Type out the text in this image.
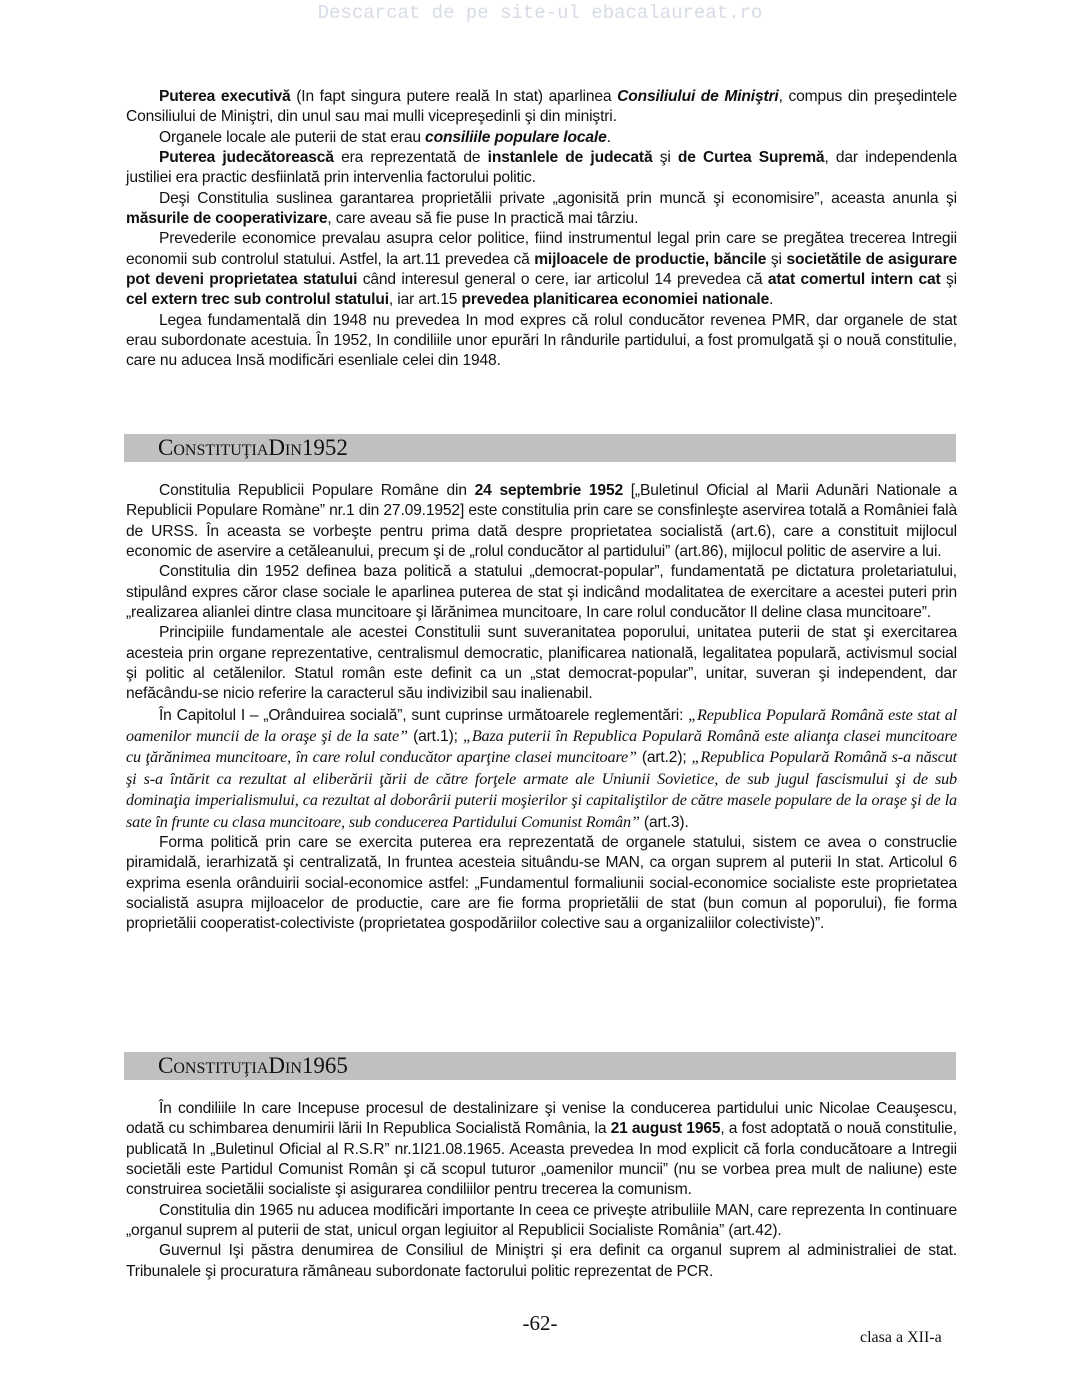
Descarcat de pe site-ul ebacalaureat.ro

Puterea executivă (In fapt singura putere reală In stat) aparlinea Consiliului de Miniştri, compus din preşedintele Consiliului de Miniştri, din unul sau mai mulli vicepreşedinli şi din miniştri.

Organele locale ale puterii de stat erau consiliile populare locale.

Puterea judecătorească era reprezentată de instanlele de judecată şi de Curtea Supremă, dar independenla justiliei era practic desfiinlată prin intervenlia factorului politic.

Deşi Constitulia suslinea garantarea proprietălii private „agonisită prin muncă şi economisire”, aceasta anunla şi măsurile de cooperativizare, care aveau să fie puse In practică mai târziu.

Prevederile economice prevalau asupra celor politice, fiind instrumentul legal prin care se pregătea trecerea Intregii economii sub controlul statului. Astfel, la art.11 prevedea că mijloacele de productie, băncile şi societătile de asigurare pot deveni proprietatea statului când interesul general o cere, iar articolul 14 prevedea că atat comertul intern cat şi cel extern trec sub controlul statului, iar art.15 prevedea planiticarea economiei nationale.

Legea fundamentală din 1948 nu prevedea In mod expres că rolul conducător revenea PMR, dar organele de stat erau subordonate acestuia. În 1952, In condiliile unor epurări In rândurile partidului, a fost promulgată şi o nouă constitulie, care nu aducea Insă modificări esenliale celei din 1948.

ConstituţiaDin1952

Constitulia Republicii Populare Române din 24 septembrie 1952 [„Buletinul Oficial al Marii Adunări Nationale a Republicii Populare Romàne” nr.1 din 27.09.1952] este constitulia prin care se consfinleşte aservirea totală a României falà de URSS. În aceasta se vorbeşte pentru prima dată despre proprietatea socialistă (art.6), care a constituit mijlocul economic de aservire a cetăleanului, precum şi de „rolul conducător al partidului” (art.86), mijlocul politic de aservire a lui.

Constitulia din 1952 definea baza politică a statului „democrat-popular”, fundamentată pe dictatura proletariatului, stipulând expres căror clase sociale le aparlinea puterea de stat şi indicând modalitatea de exercitare a acestei puteri prin „realizarea alianlei dintre clasa muncitoare şi lărănimea muncitoare, In care rolul conducător Il deline clasa muncitoare”.

Principiile fundamentale ale acestei Constitulii sunt suveranitatea poporului, unitatea puterii de stat şi exercitarea acesteia prin organe reprezentative, centralismul democratic, planificarea natională, legalitatea populară, activismul social şi politic al cetălenilor. Statul român este definit ca un „stat democrat-popular”, unitar, suveran şi independent, dar nefăcându-se nicio referire la caracterul său indivizibil sau inalienabil.

În Capitolul I – „Orânduirea socială”, sunt cuprinse următoarele reglementări: „Republica Populară Română este stat al oamenilor muncii de la oraşe şi de la sate” (art.1); „Baza puterii în Republica Populară Română este alianţa clasei muncitoare cu ţărănimea muncitoare, în care rolul conducător aparţine clasei muncitoare” (art.2); „Republica Populară Română s-a născut şi s-a întărit ca rezultat al eliberării ţării de către forţele armate ale Uniunii Sovietice, de sub jugul fascismului şi de sub dominaţia imperialismului, ca rezultat al doborârii puterii moşierilor şi capitaliştilor de către masele populare de la oraşe şi de la sate în frunte cu clasa muncitoare, sub conducerea Partidului Comunist Român” (art.3).

Forma politică prin care se exercita puterea era reprezentată de organele statului, sistem ce avea o construclie piramidală, ierarhizată şi centralizată, In fruntea acesteia situându-se MAN, ca organ suprem al puterii In stat. Articolul 6 exprima esenla orânduirii social-economice astfel: „Fundamentul formaliunii social-economice socialiste este proprietatea socialistă asupra mijloacelor de productie, care are fie forma proprietălii de stat (bun comun al poporului), fie forma proprietălii cooperatist-colectiviste (proprietatea gospodăriilor colective sau a organizaliilor colectiviste)”.

ConstituţiaDin1965

În condiliile In care Incepuse procesul de destalinizare şi venise la conducerea partidului unic Nicolae Ceauşescu, odată cu schimbarea denumirii lării In Republica Socialistă România, la 21 august 1965, a fost adoptată o nouă constitulie, publicată In „Buletinul Oficial al R.S.R” nr.1I21.08.1965. Aceasta prevedea In mod explicit că forla conducătoare a Intregii societăli este Partidul Comunist Român şi că scopul tuturor „oamenilor muncii” (nu se vorbea prea mult de naliune) este construirea societălii socialiste şi asigurarea condiliilor pentru trecerea la comunism.

Constitulia din 1965 nu aducea modificări importante In ceea ce priveşte atribuliile MAN, care reprezenta In continuare „organul suprem al puterii de stat, unicul organ legiuitor al Republicii Socialiste România” (art.42).

Guvernul Işi păstra denumirea de Consiliul de Miniştri şi era definit ca organul suprem al administraliei de stat. Tribunalele şi procuratura rămâneau subordonate factorului politic reprezentat de PCR.

-62-
clasa a XII-a
